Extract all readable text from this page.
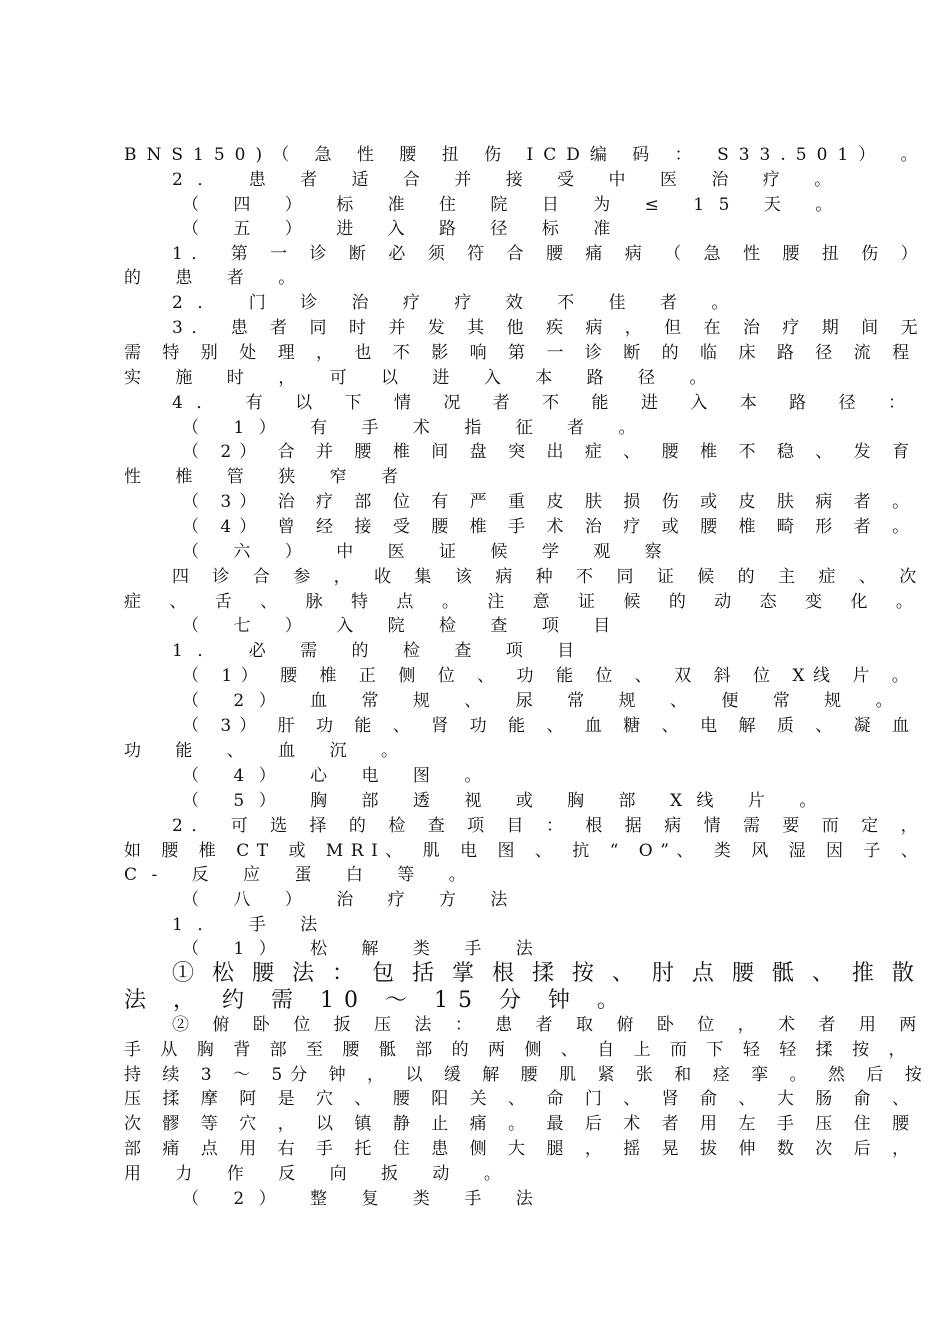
BNS150)（ 急 性 腰 扭 伤 ICD编 码 ： S33.501） 。
2． 患 者 适 合 并 接 受 中 医 治 疗 。
（ 四 ） 标 准 住 院 日 为 ≤ 15 天 。
（ 五 ） 进 入 路 径 标 准
1． 第 一 诊 断 必 须 符 合 腰 痛 病 （ 急 性 腰 扭 伤 ）
的 患 者 。
2． 门 诊 治 疗 疗 效 不 佳 者 。
3． 患 者 同 时 并 发 其 他 疾 病 ， 但 在 治 疗 期 间 无
需 特 别 处 理 ， 也 不 影 响 第 一 诊 断 的 临 床 路 径 流 程
实 施 时 ， 可 以 进 入 本 路 径 。
4． 有 以 下 情 况 者 不 能 进 入 本 路 径 ：
（ 1） 有 手 术 指 征 者 。
（ 2） 合 并 腰 椎 间 盘 突 出 症 、 腰 椎 不 稳 、 发 育
性 椎 管 狭 窄 者
（ 3） 治 疗 部 位 有 严 重 皮 肤 损 伤 或 皮 肤 病 者 。
（ 4） 曾 经 接 受 腰 椎 手 术 治 疗 或 腰 椎 畸 形 者 。
（ 六 ） 中 医 证 候 学 观 察
四 诊 合 参 ， 收 集 该 病 种 不 同 证 候 的 主 症 、 次
症 、 舌 、 脉 特 点 。 注 意 证 候 的 动 态 变 化 。
（ 七 ） 入 院 检 查 项 目
1． 必 需 的 检 查 项 目
（ 1） 腰 椎 正 侧 位 、 功 能 位 、 双 斜 位 X线 片 。
（ 2） 血 常 规 、 尿 常 规 、 便 常 规 。
（ 3） 肝 功 能 、 肾 功 能 、 血 糖 、 电 解 质 、 凝 血
功 能 、 血 沉 。
（ 4） 心 电 图 。
（ 5） 胸 部 透 视 或 胸 部 X线 片 。
2． 可 选 择 的 检 查 项 目 ： 根 据 病 情 需 要 而 定 ，
如 腰 椎 CT 或 MRI、 肌 电 图 、 抗 “ O”、 类 风 湿 因 子 、
C- 反 应 蛋 白 等 。
（ 八 ） 治 疗 方 法
1． 手 法
（ 1） 松 解 类 手 法
① 松 腰 法 ： 包 括 掌 根 揉 按 、 肘 点 腰 骶 、 推 散
法 ， 约 需 10 ～ 15 分 钟 。
② 俯 卧 位 扳 压 法 ： 患 者 取 俯 卧 位 ， 术 者 用 两
手 从 胸 背 部 至 腰 骶 部 的 两 侧 、 自 上 而 下 轻 轻 揉 按 ，
持 续 3 ～ 5分 钟 ， 以 缓 解 腰 肌 紧 张 和 痉 挛 。 然 后 按
压 揉 摩 阿 是 穴 、 腰 阳 关 、 命 门 、 肾 俞 、 大 肠 俞 、
次 髎 等 穴 ， 以 镇 静 止 痛 。 最 后 术 者 用 左 手 压 住 腰
部 痛 点 用 右 手 托 住 患 侧 大 腿 ， 摇 晃 拔 伸 数 次 后 ，
用 力 作 反 向 扳 动 。
（ 2） 整 复 类 手 法
